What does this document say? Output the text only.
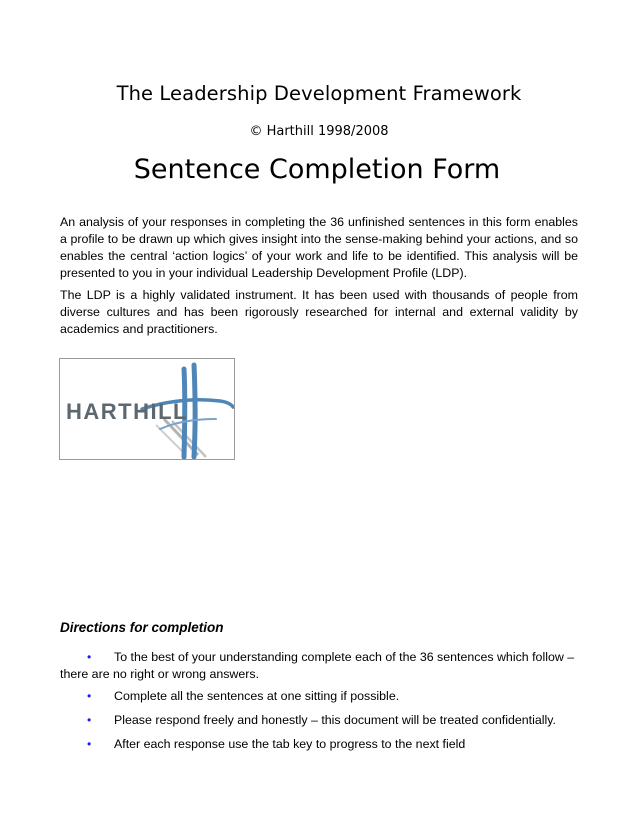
The Leadership Development Framework
© Harthill 1998/2008
Sentence Completion Form

An analysis of your responses in completing the 36 unfinished sentences in this form enables a profile to be drawn up which gives insight into the sense-making behind your actions, and so enables the central ‘action logics’ of your work and life to be identified. This analysis will be presented to you in your individual Leadership Development Profile (LDP).

The LDP is a highly validated instrument. It has been used with thousands of people from diverse cultures and has been rigorously researched for internal and external validity by academics and practitioners.

HARTHILL
Directions for completion
• To the best of your understanding complete each of the 36 sentences which follow – there are no right or wrong answers.
• Complete all the sentences at one sitting if possible.
• Please respond freely and honestly – this document will be treated confidentially.
• After each response use the tab key to progress to the next field
